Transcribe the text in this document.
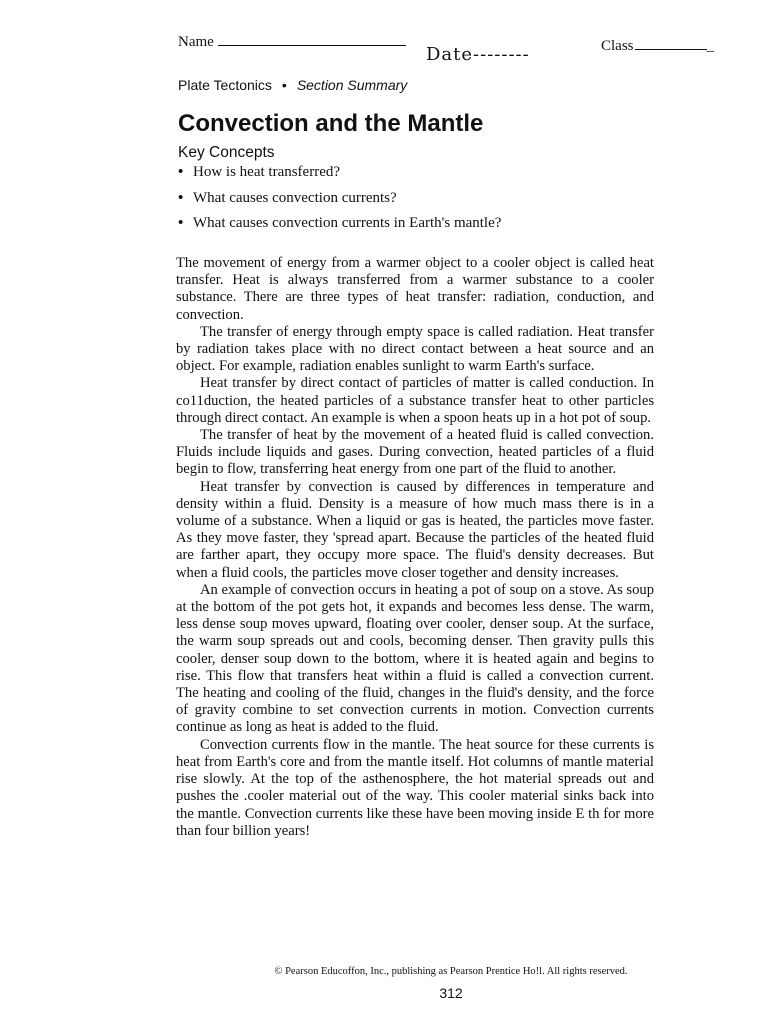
Name
Date--------	Class	_
Plate Tectonics • Section Summary
Convection and the Mantle
Key Concepts
• How is heat transferred?
• What causes convection currents?
• What causes convection currents in Earth's mantle?

The movement of energy from a warmer object to a cooler object is called heat transfer. Heat is always transferred from a warmer substance to a cooler substance. There are three types of heat transfer: radiation, conduction, and convection.

The transfer of energy through empty space is called radiation. Heat transfer by radiation takes place with no direct contact between a heat source and an object. For example, radiation enables sunlight to warm Earth's surface.

Heat transfer by direct contact of particles of matter is called conduction. In co11duction, the heated particles of a substance transfer heat to other particles through direct contact. An example is when a spoon heats up in a hot pot of soup.

The transfer of heat by the movement of a heated fluid is called convection. Fluids include liquids and gases. During convection, heated particles of a fluid begin to flow, transferring heat energy from one part of the fluid to another.

Heat transfer by convection is caused by differences in temperature and density within a fluid. Density is a measure of how much mass there is in a volume of a substance. When a liquid or gas is heated, the particles move faster. As they move faster, they 'spread apart. Because the particles of the heated fluid are farther apart, they occupy more space. The fluid's density decreases. But when a fluid cools, the particles move closer together and density increases.

An example of convection occurs in heating a pot of soup on a stove. As soup at the bottom of the pot gets hot, it expands and becomes less dense. The warm, less dense soup moves upward, floating over cooler, denser soup. At the surface, the warm soup spreads out and cools, becoming denser. Then gravity pulls this cooler, denser soup down to the bottom, where it is heated again and begins to rise. This flow that transfers heat within a fluid is called a convection current. The heating and cooling of the fluid, changes in the fluid's density, and the force of gravity combine to set convection currents in motion. Convection currents continue as long as heat is added to the fluid.

Convection currents flow in the mantle. The heat source for these currents is heat from Earth's core and from the mantle itself. Hot columns of mantle material rise slowly. At the top of the asthenosphere, the hot material spreads out and pushes the .cooler material out of the way. This cooler material sinks back into the mantle. Convection currents like these have been moving inside E th for more than four billion years!

© Pearson Educoffon, Inc., publishing as Pearson Prentice Ho!l. All rights reserved.
312
